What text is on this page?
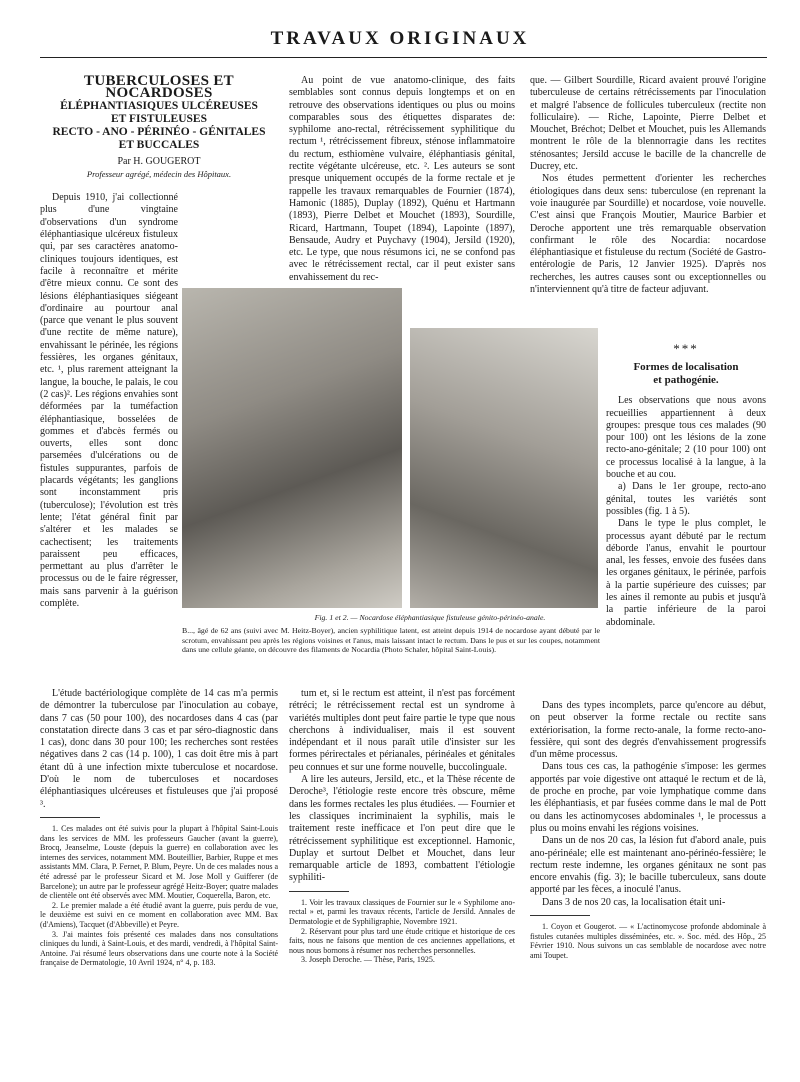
TRAVAUX ORIGINAUX
TUBERCULOSES ET NOCARDOSES
ÉLÉPHANTIASIQUES ULCÉREUSES
ET FISTULEUSES
RECTO - ANO - PÉRINÉO - GÉNITALES
ET BUCCALES
Par H. GOUGEROT
Professeur agrégé, médecin des Hôpitaux.

Depuis 1910, j'ai collectionné plus d'une vingtaine d'observations d'un syndrome éléphantiasique ulcéreux fistuleux qui, par ses caractères anatomo-cliniques toujours identiques, est facile à reconnaître et mérite d'être mieux connu. Ce sont des lésions éléphantiasiques siégeant d'ordinaire au pourtour anal (parce que venant le plus souvent d'une rectite de même nature), envahissant le périnée, les régions fessières, les organes génitaux, etc. ¹, plus rarement atteignant la langue, la bouche, le palais, le cou (2 cas)². Les régions envahies sont déformées par la tuméfaction éléphantiasique, bosselées de gommes et d'abcès fermés ou ouverts, elles sont donc parsemées d'ulcérations ou de fistules suppurantes, parfois de placards végétants; les ganglions sont inconstamment pris (tuberculose); l'évolution est très lente; l'état général finit par s'altérer et les malades se cachectisent; les traitements paraissent peu efficaces, permettant au plus d'arrêter le processus ou de le faire régresser, mais sans parvenir à la guérison complète.

L'étude bactériologique complète de 14 cas m'a permis de démontrer la tuberculose par l'inoculation au cobaye, dans 7 cas (50 pour 100), des nocardoses dans 4 cas (par constatation directe dans 3 cas et par séro-diagnostic dans 1 cas), donc dans 30 pour 100; les recherches sont restées négatives dans 2 cas (14 p. 100), 1 cas doit être mis à part étant dû à une infection mixte tuberculose et nocardose. D'où le nom de tuberculoses et nocardoses éléphantiasiques ulcéreuses et fistuleuses que j'ai proposé ³.

1. Ces malades ont été suivis pour la plupart à l'hôpital Saint-Louis dans les services de MM. les professeurs Gaucher (avant la guerre), Brocq, Jeanselme, Louste (depuis la guerre) en collaboration avec les internes des services, notamment MM. Bouteillier, Barbier, Ruppe et mes assistants MM. Clara, P. Fernet, P. Blum, Peyre. Un de ces malades nous a été adressé par le professeur Sicard et M. Jose Moll y Guifferer (de Barcelone); un autre par le professeur agrégé Heitz-Boyer; quatre malades de clientèle ont été observés avec MM. Moutier, Coquerella, Baron, etc.

2. Le premier malade a été étudié avant la guerre, puis perdu de vue, le deuxième est suivi en ce moment en collaboration avec MM. Bax (d'Amiens), Tacquet (d'Abbeville) et Peyre.

3. J'ai maintes fois présenté ces malades dans nos consultations cliniques du lundi, à Saint-Louis, et des mardi, vendredi, à l'hôpital Saint-Antoine. J'ai résumé leurs observations dans une courte note à la Société française de Dermatologie, 10 Avril 1924, n° 4, p. 183.

Au point de vue anatomo-clinique, des faits semblables sont connus depuis longtemps et on en retrouve des observations identiques ou plus ou moins comparables sous des étiquettes disparates de: syphilome ano-rectal, rétrécissement syphilitique du rectum ¹, rétrécissement fibreux, sténose inflammatoire du rectum, esthiomène vulvaire, éléphantiasis génital, rectite végétante ulcéreuse, etc. ². Les auteurs se sont presque uniquement occupés de la forme rectale et je rappelle les travaux remarquables de Fournier (1874), Hamonic (1885), Duplay (1892), Quénu et Hartmann (1893), Pierre Delbet et Mouchet (1893), Sourdille, Ricard, Hartmann, Toupet (1894), Lapointe (1897), Bensaude, Audry et Puychavy (1904), Jersild (1920), etc. Le type, que nous résumons ici, ne se confond pas avec le rétrécissement rectal, car il peut exister sans envahissement du rec-

Fig. 1 et 2. — Nocardose éléphantiasique fistuleuse génito-périnéo-anale.
B..., âgé de 62 ans (suivi avec M. Heitz-Boyer), ancien syphilitique latent, est atteint depuis 1914 de nocardose ayant débuté par le scrotum, envahissant peu après les régions voisines et l'anus, mais laissant intact le rectum. Dans le pus et sur les coupes, notamment dans une cellule géante, on découvre des filaments de Nocardia (Photo Schaler, hôpital Saint-Louis).

tum et, si le rectum est atteint, il n'est pas forcément rétréci; le rétrécissement rectal est un syndrome à variétés multiples dont peut faire partie le type que nous cherchons à individualiser, mais il est souvent indépendant et il nous paraît utile d'insister sur les formes périrectales et périanales, périnéales et génitales peu connues et sur une forme nouvelle, buccolinguale.

A lire les auteurs, Jersild, etc., et la Thèse récente de Deroche³, l'étiologie reste encore très obscure, même dans les formes rectales les plus étudiées. — Fournier et les classiques incriminaient la syphilis, mais le traitement reste inefficace et l'on peut dire que le rétrécissement syphilitique est exceptionnel. Hamonic, Duplay et surtout Delbet et Mouchet, dans leur remarquable article de 1893, combattent l'étiologie syphiliti-

1. Voir les travaux classiques de Fournier sur le « Syphilome ano-rectal » et, parmi les travaux récents, l'article de Jersild. Annales de Dermatologie et de Syphiligraphie, Novembre 1921.

2. Réservant pour plus tard une étude critique et historique de ces faits, nous ne faisons que mention de ces anciennes appellations, et nous nous bornons à résumer nos recherches personnelles.

3. Joseph Deroche. — Thèse, Paris, 1925.

que. — Gilbert Sourdille, Ricard avaient prouvé l'origine tuberculeuse de certains rétrécissements par l'inoculation et malgré l'absence de follicules tuberculeux (rectite non folliculaire). — Riche, Lapointe, Pierre Delbet et Mouchet, Bréchot; Delbet et Mouchet, puis les Allemands montrent le rôle de la blennorragie dans les rectites sténosantes; Jersild accuse le bacille de la chancrelle de Ducrey, etc.

Nos études permettent d'orienter les recherches étiologiques dans deux sens: tuberculose (en reprenant la voie inaugurée par Sourdille) et nocardose, voie nouvelle. C'est ainsi que François Moutier, Maurice Barbier et Deroche apportent une très remarquable observation confirmant le rôle des Nocardia: nocardose éléphantiasique et fistuleuse du rectum (Société de Gastro-entérologie de Paris, 12 Janvier 1925). D'après nos recherches, les autres causes sont ou exceptionnelles ou n'interviennent qu'à titre de facteur adjuvant.

***
Formes de localisation
et pathogénie.

Les observations que nous avons recueillies appartiennent à deux groupes: presque tous ces malades (90 pour 100) ont les lésions de la zone recto-ano-génitale; 2 (10 pour 100) ont ce processus localisé à la langue, à la bouche et au cou.

a) Dans le 1er groupe, recto-ano génital, toutes les variétés sont possibles (fig. 1 à 5).

Dans le type le plus complet, le processus ayant débuté par le rectum déborde l'anus, envahit le pourtour anal, les fesses, envoie des fusées dans les organes génitaux, le périnée, parfois à la partie supérieure des cuisses; par les aines il remonte au pubis et jusqu'à la partie inférieure de la paroi abdominale.

Dans des types incomplets, parce qu'encore au début, on peut observer la forme rectale ou rectite sans extériorisation, la forme recto-anale, la forme recto-ano-fessière, qui sont des degrés d'envahissement progressifs d'un même processus.

Dans tous ces cas, la pathogénie s'impose: les germes apportés par voie digestive ont attaqué le rectum et de là, de proche en proche, par voie lymphatique comme dans les éléphantiasis, et par fusées comme dans le mal de Pott ou dans les actinomycoses abdominales ¹, le processus a plus ou moins envahi les régions voisines.

Dans un de nos 20 cas, la lésion fut d'abord anale, puis ano-périnéale; elle est maintenant ano-périnéo-fessière; le rectum reste indemne, les organes génitaux ne sont pas encore envahis (fig. 3); le bacille tuberculeux, sans doute apporté par les fèces, a inoculé l'anus.

Dans 3 de nos 20 cas, la localisation était uni-

1. Coyon et Gougerot. — « L'actinomycose profonde abdominale à fistules cutanées multiples disséminées, etc. ». Soc. méd. des Hôp., 25 Février 1910. Nous suivons un cas semblable de nocardose avec notre ami Toupet.
